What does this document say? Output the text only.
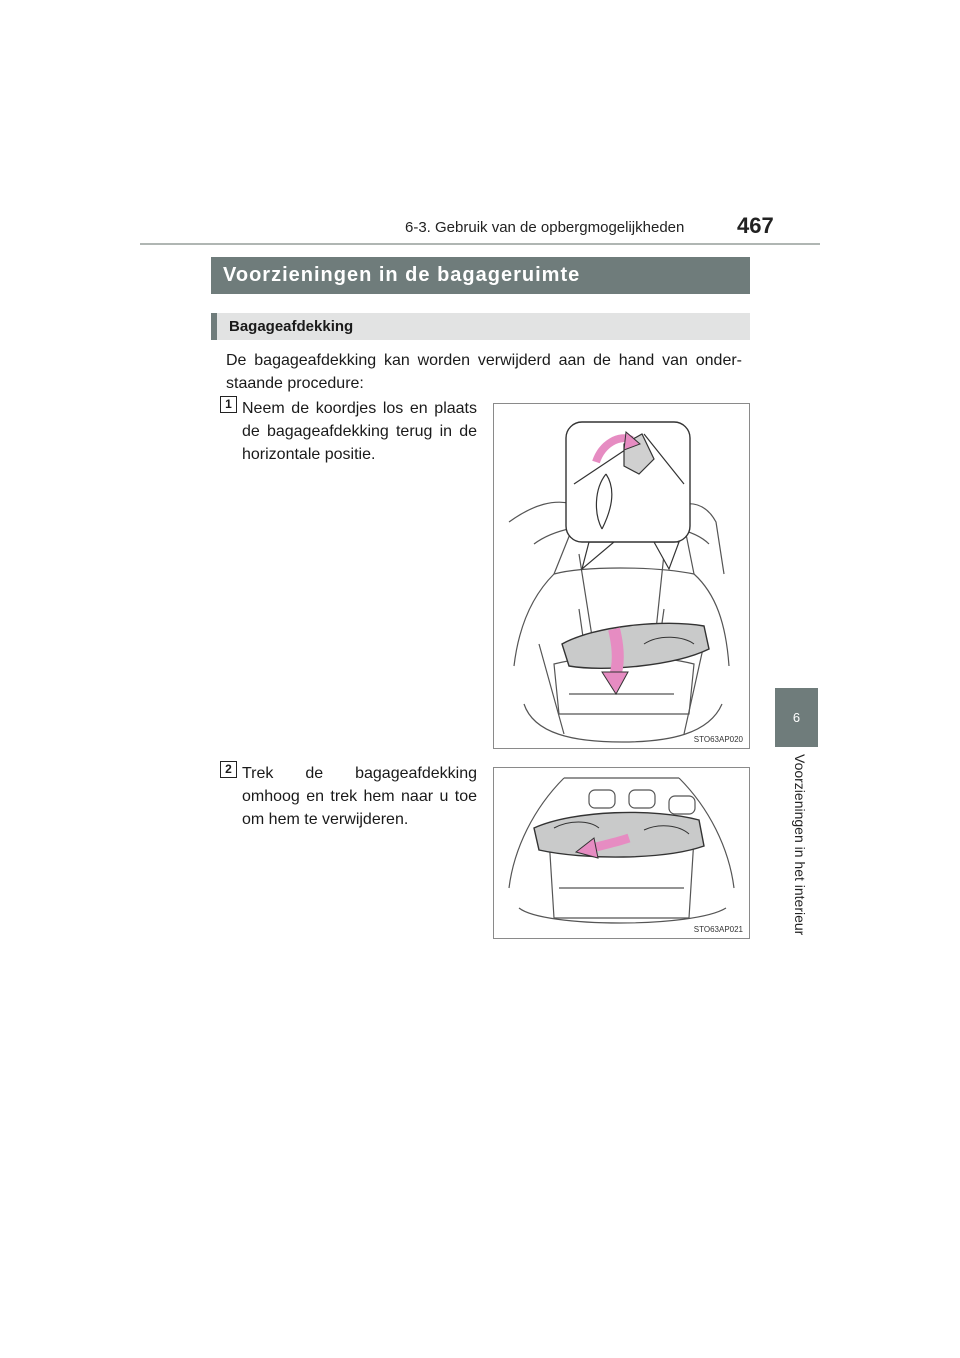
6-3. Gebruik van de opbergmogelijkheden 467
Voorzieningen in de bagageruimte
Bagageafdekking
De bagageafdekking kan worden verwijderd aan de hand van onder-staande procedure:
1 Neem de koordjes los en plaats de bagageafdekking terug in de horizontale positie.
STO63AP020
2 Trek de bagageafdekking omhoog en trek hem naar u toe om hem te verwijderen.
STO63AP021
6
Voorzieningen in het interieur
